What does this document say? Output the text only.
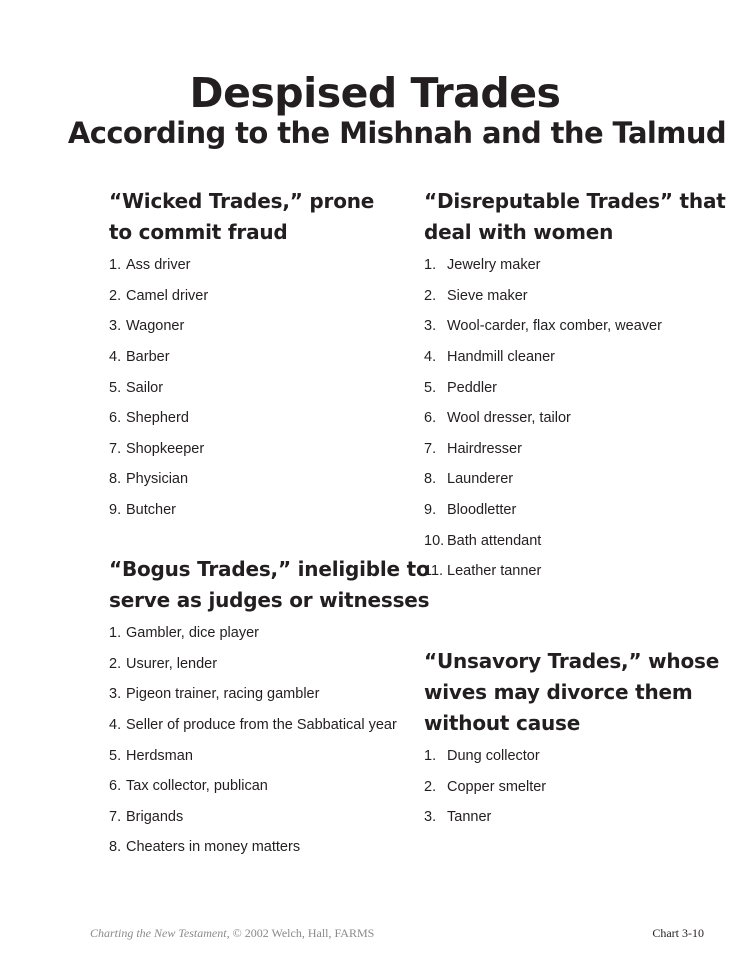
Despised Trades
According to the Mishnah and the Talmud
“Wicked Trades,” prone
to commit fraud
1. Ass driver
2. Camel driver
3. Wagoner
4. Barber
5. Sailor
6. Shepherd
7. Shopkeeper
8. Physician
9. Butcher
“Bogus Trades,” ineligible to
serve as judges or witnesses
1. Gambler, dice player
2. Usurer, lender
3. Pigeon trainer, racing gambler
4. Seller of produce from the Sabbatical year
5. Herdsman
6. Tax collector, publican
7. Brigands
8. Cheaters in money matters
“Disreputable Trades” that
deal with women
1. Jewelry maker
2. Sieve maker
3. Wool-carder, flax comber, weaver
4. Handmill cleaner
5. Peddler
6. Wool dresser, tailor
7. Hairdresser
8. Launderer
9. Bloodletter
10. Bath attendant
11. Leather tanner
“Unsavory Trades,” whose
wives may divorce them
without cause
1. Dung collector
2. Copper smelter
3. Tanner
Charting the New Testament, © 2002 Welch, Hall, FARMS	Chart 3-10
